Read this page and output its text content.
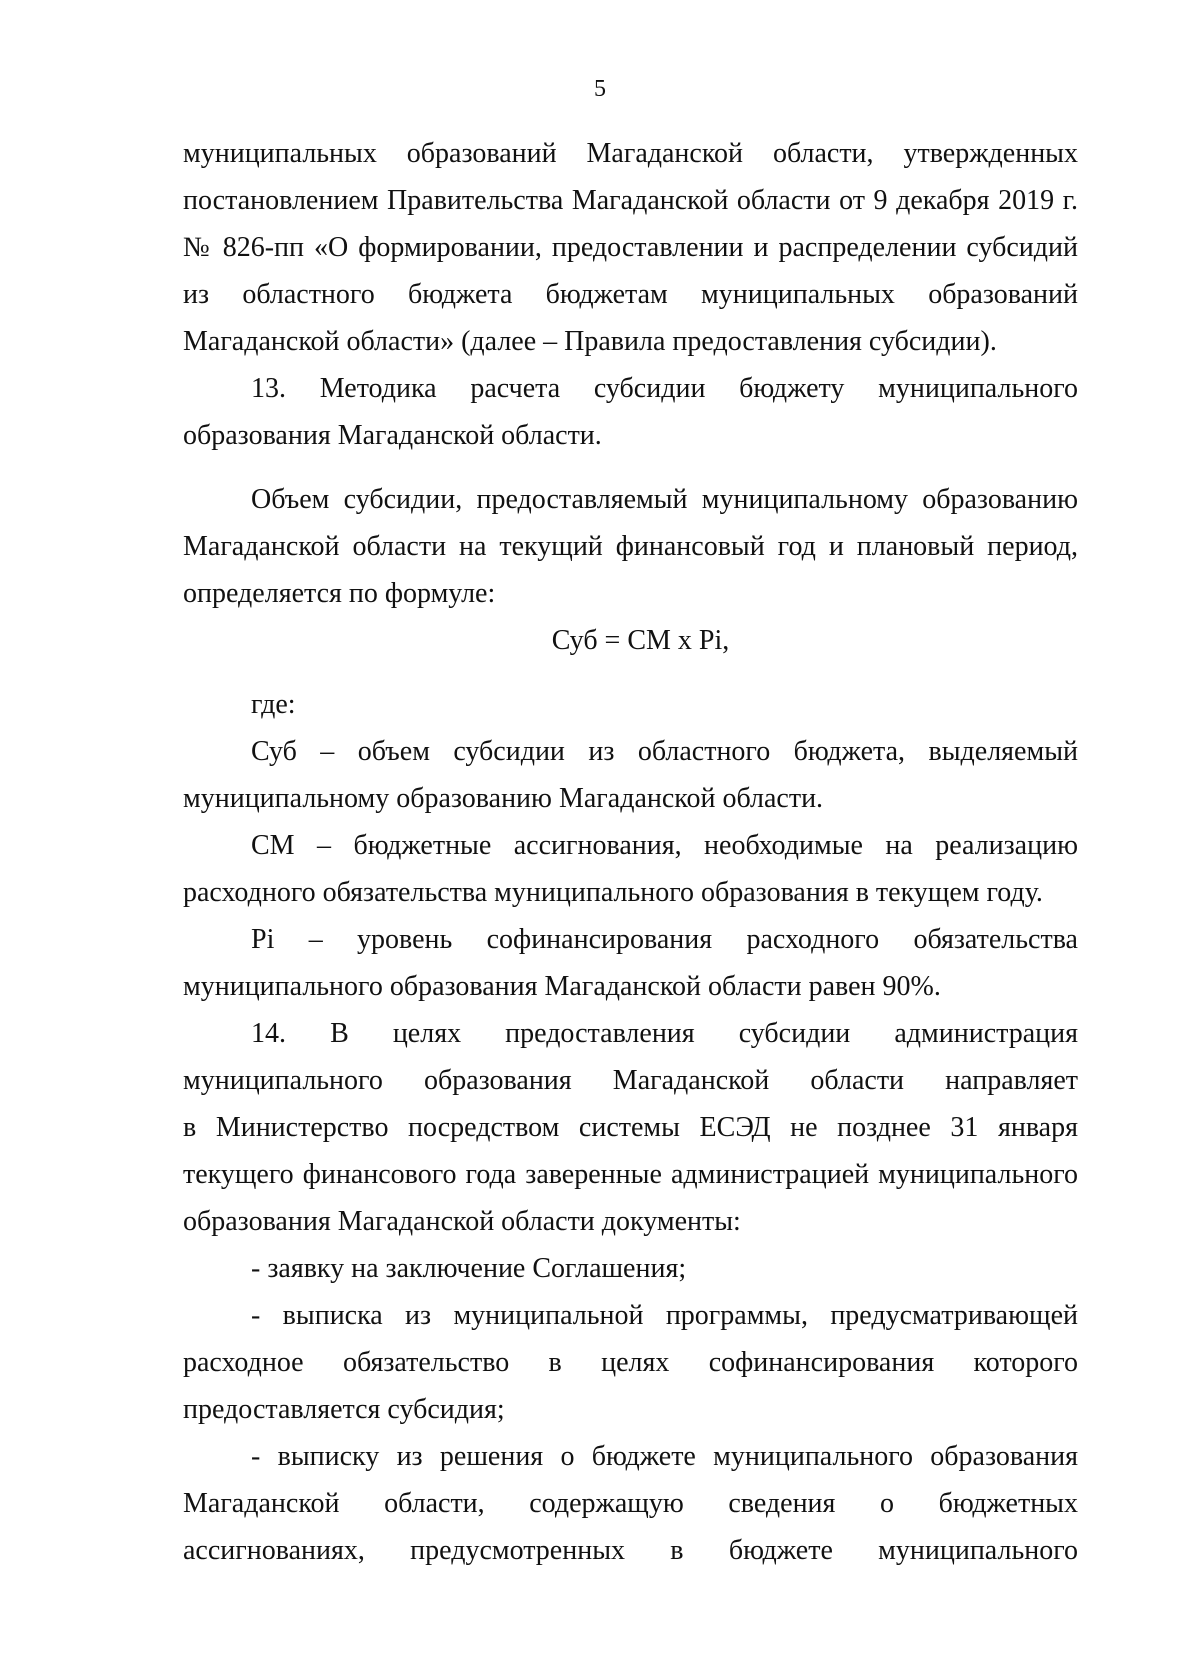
5
муниципальных образований Магаданской области, утвержденных
постановлением Правительства Магаданской области от 9 декабря 2019 г.
№ 826-пп «О формировании, предоставлении и распределении субсидий
из областного бюджета бюджетам муниципальных образований
Магаданской области» (далее – Правила предоставления субсидии).
13. Методика расчета субсидии бюджету муниципального
образования Магаданской области.
Объем субсидии, предоставляемый муниципальному образованию
Магаданской области на текущий финансовый год и плановый период,
определяется по формуле:
Суб = СМ х Pi,
где:
Суб – объем субсидии из областного бюджета, выделяемый
муниципальному образованию Магаданской области.
СМ – бюджетные ассигнования, необходимые на реализацию
расходного обязательства муниципального образования в текущем году.
Pi – уровень софинансирования расходного обязательства
муниципального образования Магаданской области равен 90%.
14. В целях предоставления субсидии администрация
муниципального образования Магаданской области направляет
в Министерство посредством системы ЕСЭД не позднее 31 января
текущего финансового года заверенные администрацией муниципального
образования Магаданской области документы:
- заявку на заключение Соглашения;
- выписка из муниципальной программы, предусматривающей
расходное обязательство в целях софинансирования которого
предоставляется субсидия;
- выписку из решения о бюджете муниципального образования
Магаданской области, содержащую сведения о бюджетных
ассигнованиях, предусмотренных в бюджете муниципального
